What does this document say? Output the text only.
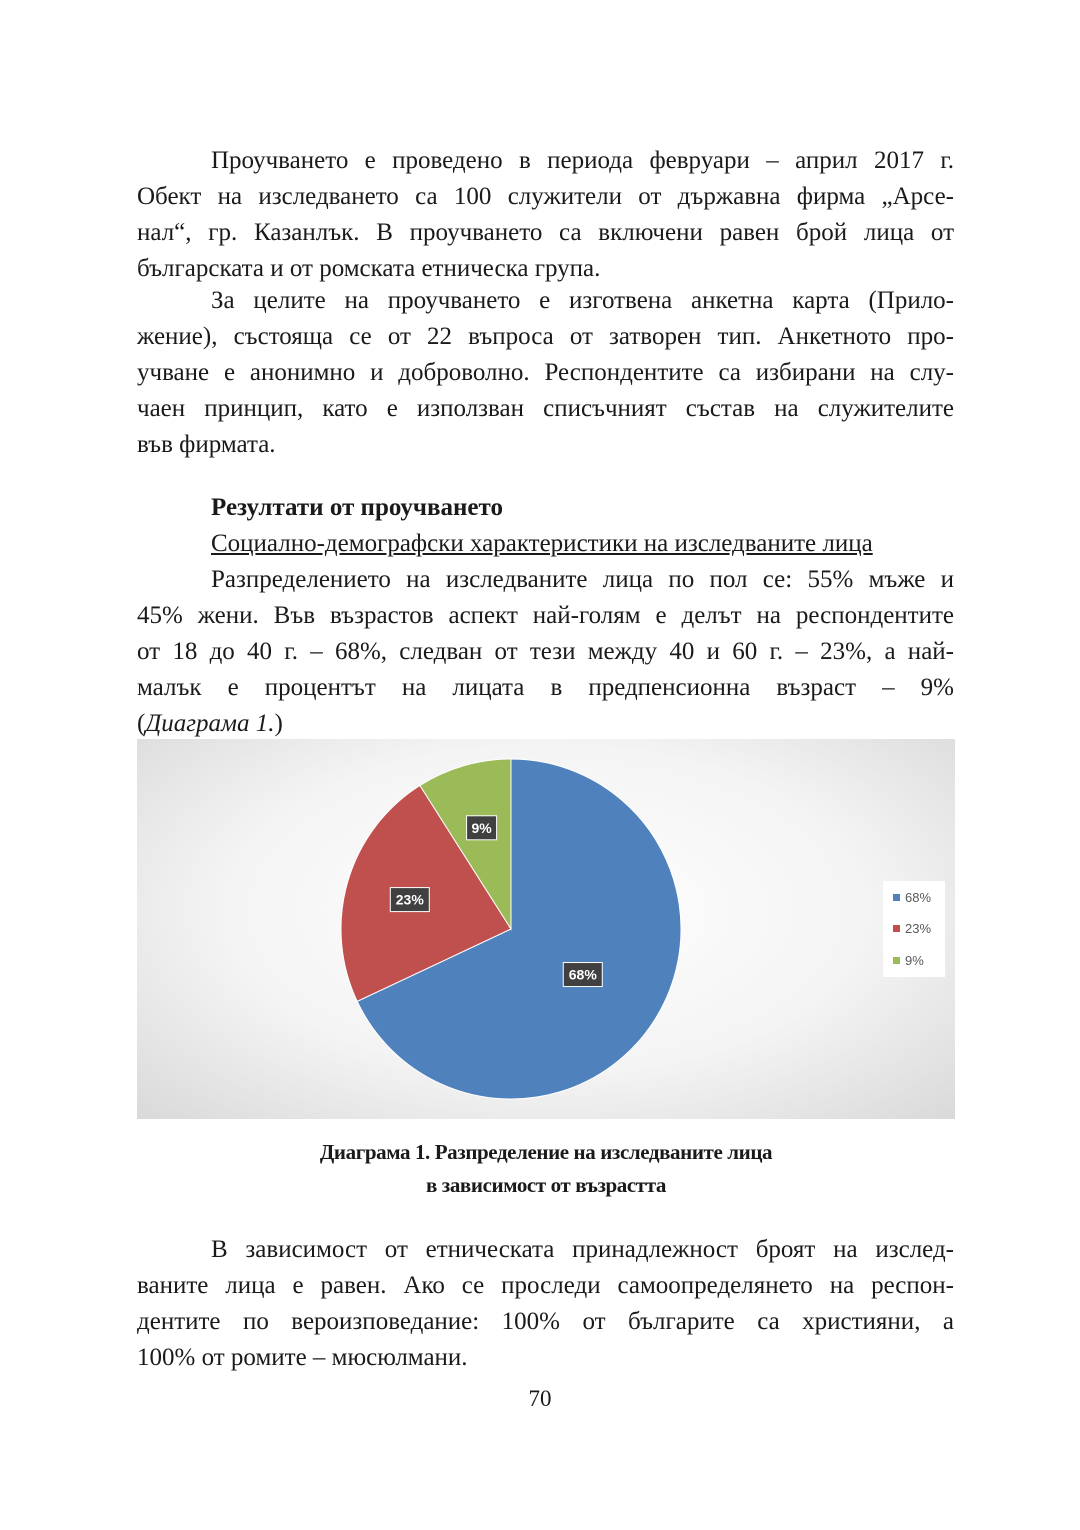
Проучването е проведено в периода февруари – април 2017 г.
Обект на изследването са 100 служители от държавна фирма „Арсе-
нал“, гр. Казанлък. В проучването са включени равен брой лица от
българската и от ромската етническа група.
За целите на проучването е изготвена анкетна карта (Прило-
жение), състояща се от 22 въпроса от затворен тип. Анкетното про-
учване е анонимно и доброволно. Респондентите са избирани на слу-
чаен принцип, като е използван списъчният състав на служителите
във фирмата.
Резултати от проучването
Социално-демографски характеристики на изследваните лица
Разпределението на изследваните лица по пол се: 55% мъже и
45% жени. Във възрастов аспект най-голям е делът на респондентите
от 18 до 40 г. – 68%, следван от тези между 40 и 60 г. – 23%, а най-
малък е процентът на лицата в предпенсионна възраст – 9%
(Диаграма 1.)
68%
23%
9%
68%
23%
9%
Диаграма 1. Разпределение на изследваните лица
в зависимост от възрастта
В зависимост от етническата принадлежност броят на изслед-
ваните лица е равен. Ако се проследи самоопределянето на респон-
дентите по вероизповедание: 100% от българите са християни, а
100% от ромите – мюсюлмани.
70
